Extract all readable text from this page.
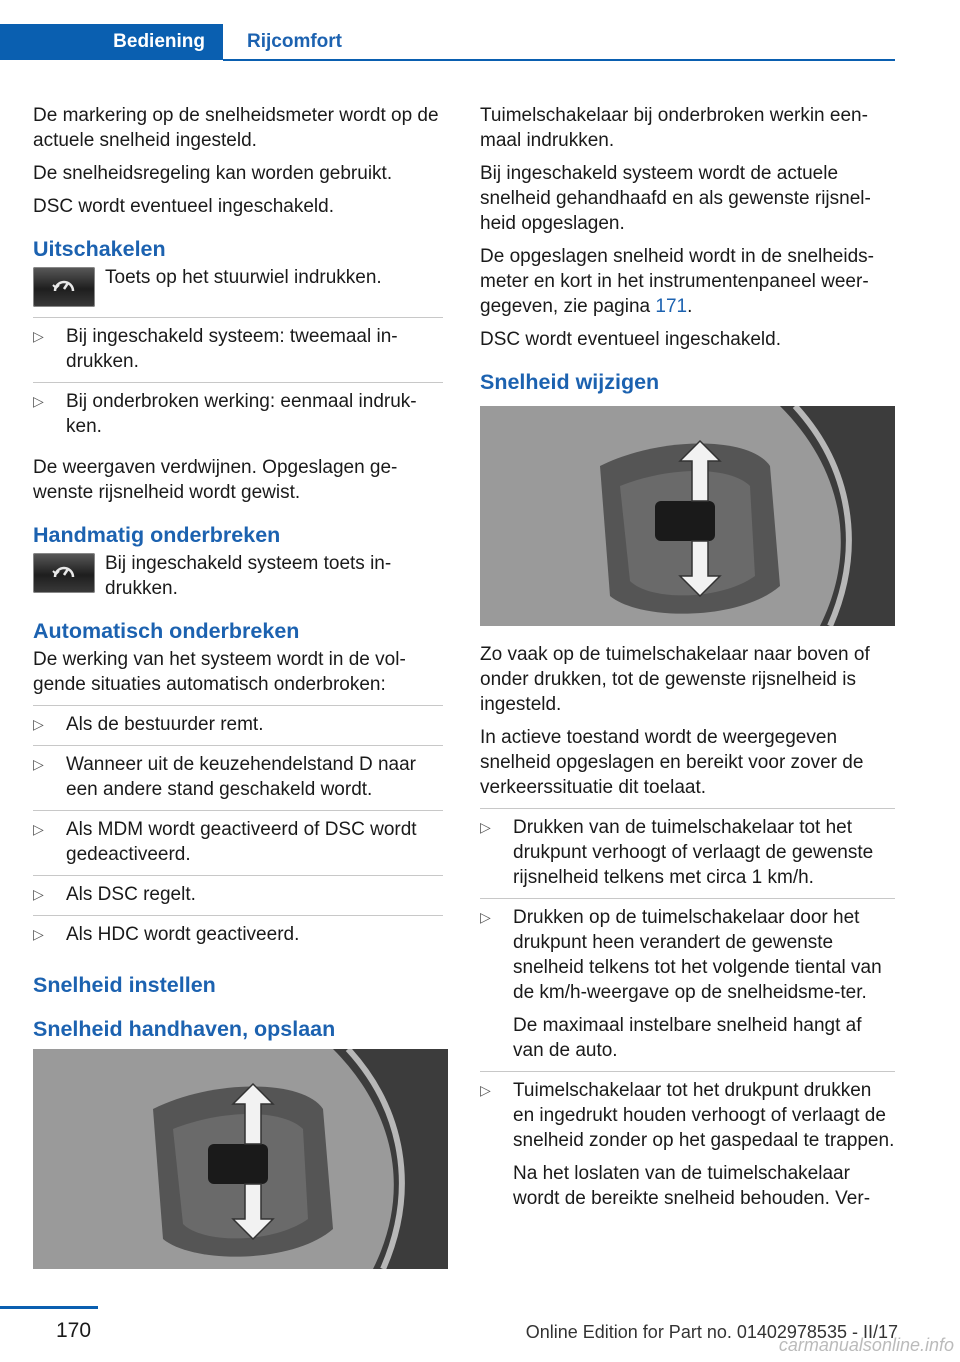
Bediening	Rijcomfort

De markering op de snelheidsmeter wordt op de actuele snelheid ingesteld.

De snelheidsregeling kan worden gebruikt.

DSC wordt eventueel ingeschakeld.

Uitschakelen
Toets op het stuurwiel indrukken.
▷ Bij ingeschakeld systeem: tweemaal in-drukken.
▷ Bij onderbroken werking: eenmaal indruk-ken.

De weergaven verdwijnen. Opgeslagen ge-wenste rijsnelheid wordt gewist.

Handmatig onderbreken
Bij ingeschakeld systeem toets in-drukken.
Automatisch onderbreken

De werking van het systeem wordt in de vol-gende situaties automatisch onderbroken:

▷ Als de bestuurder remt.
▷ Wanneer uit de keuzehendelstand D naar een andere stand geschakeld wordt.
▷ Als MDM wordt geactiveerd of DSC wordt gedeactiveerd.
▷ Als DSC regelt.
▷ Als HDC wordt geactiveerd.
Snelheid instellen
Snelheid handhaven, opslaan

Tuimelschakelaar bij onderbroken werkin een-maal indrukken.

Bij ingeschakeld systeem wordt de actuele snelheid gehandhaafd en als gewenste rijsnel-heid opgeslagen.

De opgeslagen snelheid wordt in de snelheids-meter en kort in het instrumentenpaneel weer-gegeven, zie pagina 171.

DSC wordt eventueel ingeschakeld.

Snelheid wijzigen

Zo vaak op de tuimelschakelaar naar boven of onder drukken, tot de gewenste rijsnelheid is ingesteld.

In actieve toestand wordt de weergegeven snelheid opgeslagen en bereikt voor zover de verkeerssituatie dit toelaat.

▷ Drukken van de tuimelschakelaar tot het drukpunt verhoogt of verlaagt de gewenste rijsnelheid telkens met circa 1 km/h.
▷ Drukken op de tuimelschakelaar door het drukpunt heen verandert de gewenste snelheid telkens tot het volgende tiental van de km/h-weergave op de snelheidsme-ter.
De maximaal instelbare snelheid hangt af van de auto.
▷ Tuimelschakelaar tot het drukpunt drukken en ingedrukt houden verhoogt of verlaagt de snelheid zonder op het gaspedaal te trappen.
Na het loslaten van de tuimelschakelaar wordt de bereikte snelheid behouden. Ver-
170	Online Edition for Part no. 01402978535 - II/17
carmanualsonline.info
